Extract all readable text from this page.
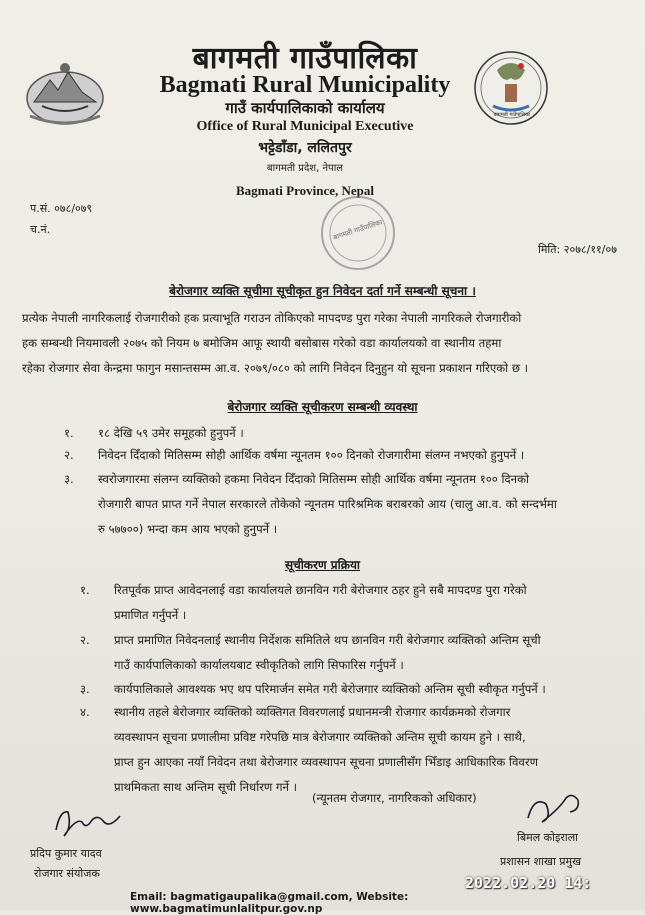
बागमती गाउँपालिका
बागमती गाउँपालिका
Bagmati Rural Municipality
गाउँ कार्यपालिकाको कार्यालय
Office of Rural Municipal Executive
भट्टेडाँडा, ललितपुर
बागमती प्रदेश, नेपाल
Bagmati Province, Nepal
प.सं. ०७८/०७९
च.नं.
मिति: २०७८/११/०७
बागमती गाउँपालिका
बेरोजगार व्यक्ति सूचीमा सूचीकृत हुन निवेदन दर्ता गर्ने सम्बन्धी सूचना ।
प्रत्येक नेपाली नागरिकलाई रोजगारीको हक प्रत्याभूति गराउन तोकिएको मापदण्ड पुरा गरेका नेपाली नागरिकले रोजगारीको
हक सम्बन्धी नियमावली २०७५ को नियम ७ बमोजिम आफू स्थायी बसोबास गरेको वडा कार्यालयको वा स्थानीय तहमा
रहेका रोजगार सेवा केन्द्रमा फागुन मसान्तसम्म आ.व. २०७९/०८० को लागि निवेदन दिनुहुन यो सूचना प्रकाशन गरिएको छ ।
बेरोजगार व्यक्ति सूचीकरण सम्बन्धी व्यवस्था
१. १८ देखि ५९ उमेर समूहको हुनुपर्ने ।
२. निवेदन दिँदाको मितिसम्म सोही आर्थिक वर्षमा न्यूनतम १०० दिनको रोजगारीमा संलग्न नभएको हुनुपर्ने ।
३. स्वरोजगारमा संलग्न व्यक्तिको हकमा निवेदन दिँदाको मितिसम्म सोही आर्थिक वर्षमा न्यूनतम १०० दिनको
रोजगारी बापत प्राप्त गर्ने नेपाल सरकारले तोकेको न्यूनतम पारिश्रमिक बराबरको आय (चालु आ.व. को सन्दर्भमा
रु ५७७००) भन्दा कम आय भएको हुनुपर्ने ।
सूचीकरण प्रक्रिया
१. रितपूर्वक प्राप्त आवेदनलाई वडा कार्यालयले छानविन गरी बेरोजगार ठहर हुने सबै मापदण्ड पुरा गरेको
प्रमाणित गर्नुपर्ने ।
२. प्राप्त प्रमाणित निवेदनलाई स्थानीय निर्देशक समितिले थप छानविन गरी बेरोजगार व्यक्तिको अन्तिम सूची
गाउँ कार्यपालिकाको कार्यालयबाट स्वीकृतिको लागि सिफारिस गर्नुपर्ने ।
३. कार्यपालिकाले आवश्यक भए थप परिमार्जन समेत गरी बेरोजगार व्यक्तिको अन्तिम सूची स्वीकृत गर्नुपर्ने ।
४. स्थानीय तहले बेरोजगार व्यक्तिको व्यक्तिगत विवरणलाई प्रधानमन्त्री रोजगार कार्यक्रमको रोजगार
व्यवस्थापन सूचना प्रणालीमा प्रविष्ट गरेपछि मात्र बेरोजगार व्यक्तिको अन्तिम सूची कायम हुने । साथै,
प्राप्त हुन आएका नयाँ निवेदन तथा बेरोजगार व्यवस्थापन सूचना प्रणालीसँग भिँडाइ आधिकारिक विवरण
प्राथमिकता साथ अन्तिम सूची निर्धारण गर्ने ।
(न्यूनतम रोजगार, नागरिकको अधिकार)
प्रदिप कुमार यादव
रोजगार संयोजक
बिमल कोइराला
प्रशासन शाखा प्रमुख
Email: bagmatigaupalika@gmail.com, Website: www.bagmatimunlalitpur.gov.np
2022.02.20 14:
